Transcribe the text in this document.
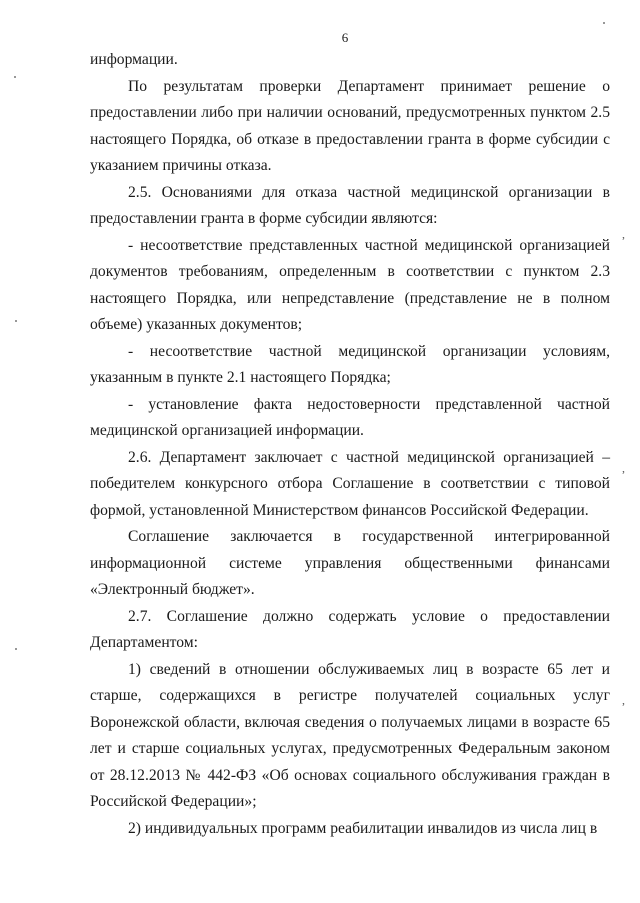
6

информации.

По результатам проверки Департамент принимает решение о предоставлении либо при наличии оснований, предусмотренных пунктом 2.5 настоящего Порядка, об отказе в предоставлении гранта в форме субсидии с указанием причины отказа.

2.5. Основаниями для отказа частной медицинской организации в предоставлении гранта в форме субсидии являются:

- несоответствие представленных частной медицинской организацией документов требованиям, определенным в соответствии с пунктом 2.3 настоящего Порядка, или непредставление (представление не в полном объеме) указанных документов;

- несоответствие частной медицинской организации условиям, указанным в пункте 2.1 настоящего Порядка;

- установление факта недостоверности представленной частной медицинской организацией информации.

2.6. Департамент заключает с частной медицинской организацией – победителем конкурсного отбора Соглашение в соответствии с типовой формой, установленной Министерством финансов Российской Федерации.

Соглашение заключается в государственной интегрированной информационной системе управления общественными финансами «Электронный бюджет».

2.7. Соглашение должно содержать условие о предоставлении Департаментом:

1) сведений в отношении обслуживаемых лиц в возрасте 65 лет и старше, содержащихся в регистре получателей социальных услуг Воронежской области, включая сведения о получаемых лицами в возрасте 65 лет и старше социальных услугах, предусмотренных Федеральным законом от 28.12.2013 № 442-ФЗ «Об основах социального обслуживания граждан в Российской Федерации»;

2) индивидуальных программ реабилитации инвалидов из числа лиц в

,
,
,
